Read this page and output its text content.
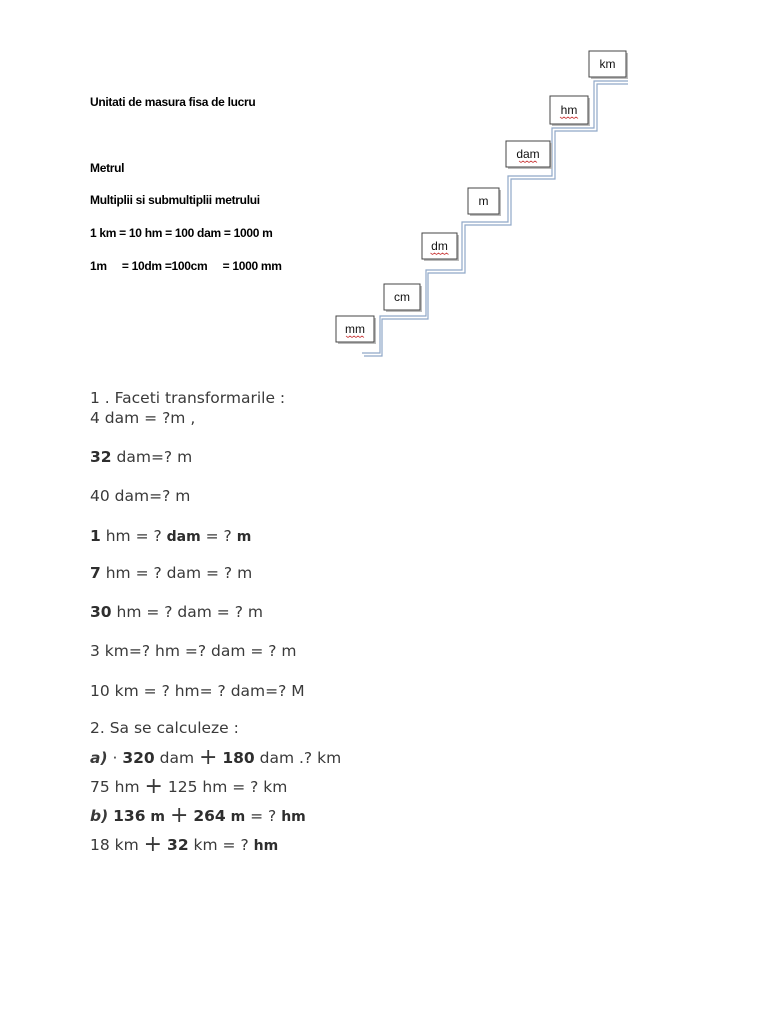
Unitati de masura fisa de lucru
Metrul
Multiplii si submultiplii metrului
1 km = 10 hm = 100 dam = 1000 m
1m     = 10dm =100cm     = 1000 mm
mm
cm
dm
m
dam
hm
km
1 . Faceti transformarile :
4 dam = ?m ,
32 dam=? m
40 dam=? m
1 hm = ? dam = ? m
7 hm = ? dam = ? m
30 hm = ? dam = ? m
3 km=? hm =? dam = ? m
10 km = ? hm= ? dam=? M
2. Sa se calculeze :
a) · 320 dam + 180 dam .? km
75 hm + 125 hm = ? km
b) 136 m + 264 m = ? hm
18 km + 32 km = ? hm
